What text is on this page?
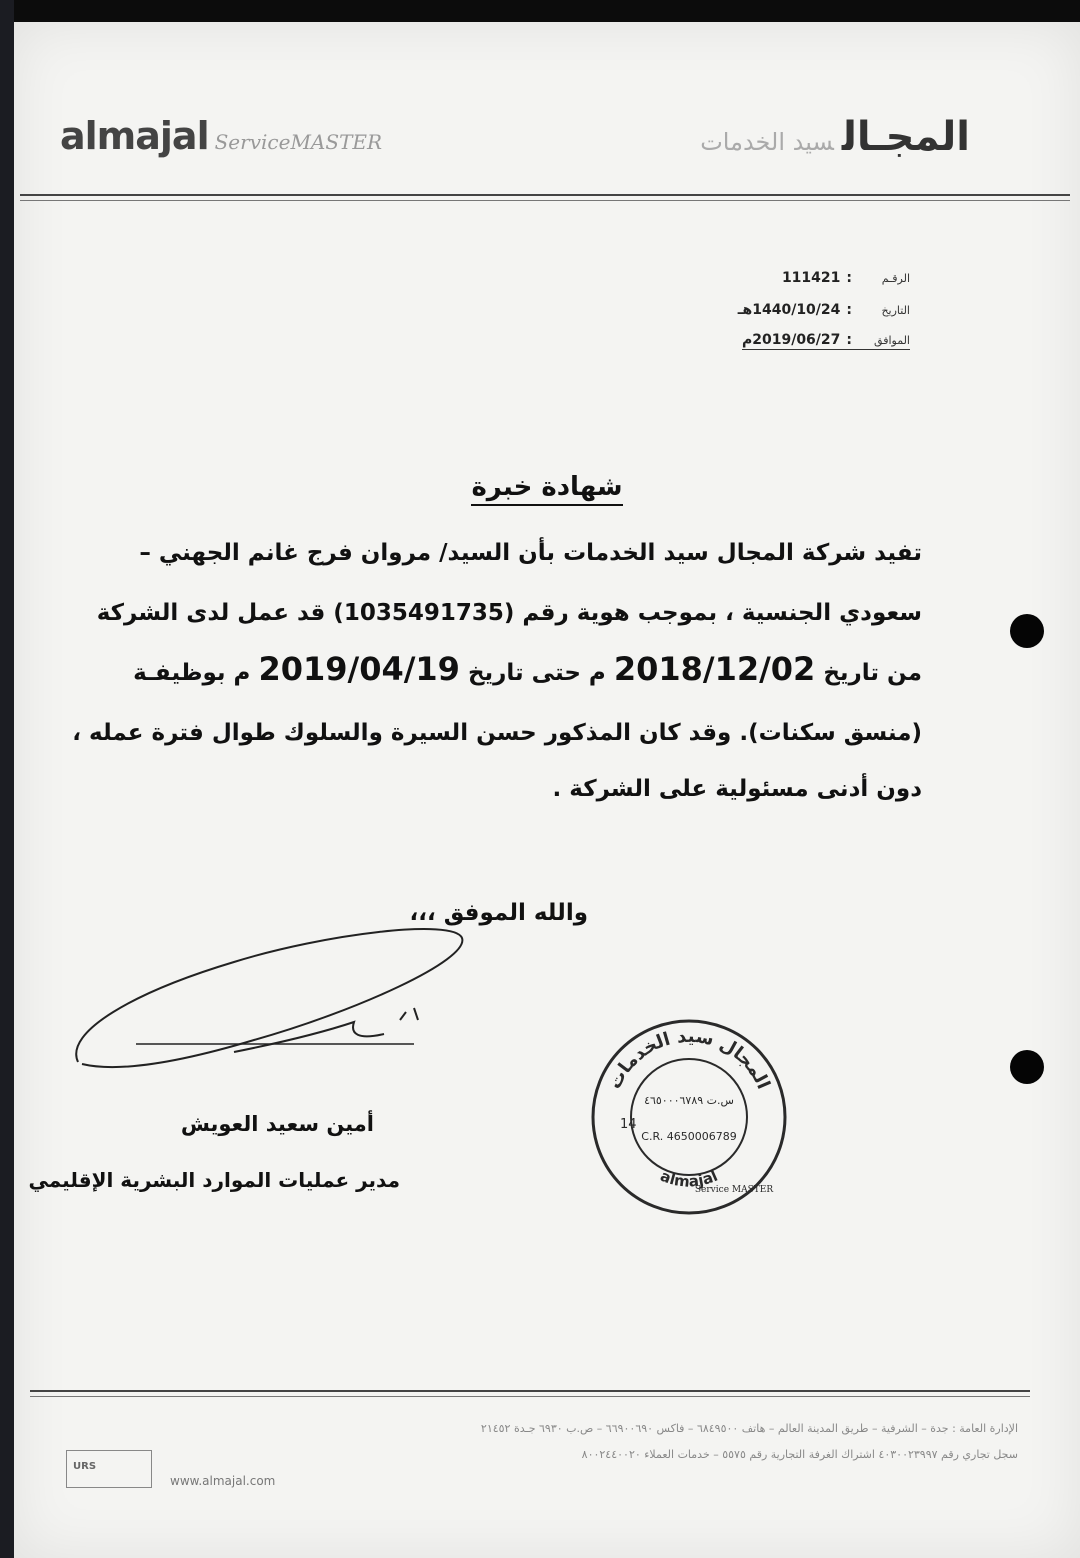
almajal ServiceMASTER	المجـالسيد الخدمات
الرقـم:111421
التاريخ:1440/10/24هـ
الموافق:2019/06/27م
شهادة خبرة
تفيد شركة المجال سيد الخدمات بأن السيد/ مروان فرج غانم الجهني –
سعودي الجنسية ، بموجب هوية رقم (1035491735) قد عمل لدى الشركة
من تاريخ 2018/12/02 م حتى تاريخ 2019/04/19 م بوظيفـة
(منسق سكنات). وقد كان المذكور حسن السيرة والسلوك طوال فترة عمله ،
دون أدنى مسئولية على الشركة .
والله الموفق ،،،
أمين سعيد العويش
مدير عمليات الموارد البشرية الإقليمي
المجال سيد الخدمات
almajal
س.ت ٤٦٥٠٠٠٦٧٨٩
C.R. 4650006789
14
Service MASTER
URS
الإدارة العامة : جدة – الشرفية – طريق المدينة العالم – هاتف ٦٨٤٩٥٠٠ – فاكس ٦٦٩٠٠٦٩٠ – ص.ب ٦٩٣٠ جـدة ٢١٤٥٢
سجل تجاري رقم ٤٠٣٠٠٢٣٩٩٧ اشتراك الغرفة التجارية رقم ٥٥٧٥ – خدمات العملاء ٨٠٠٢٤٤٠٠٢٠
www.almajal.com
